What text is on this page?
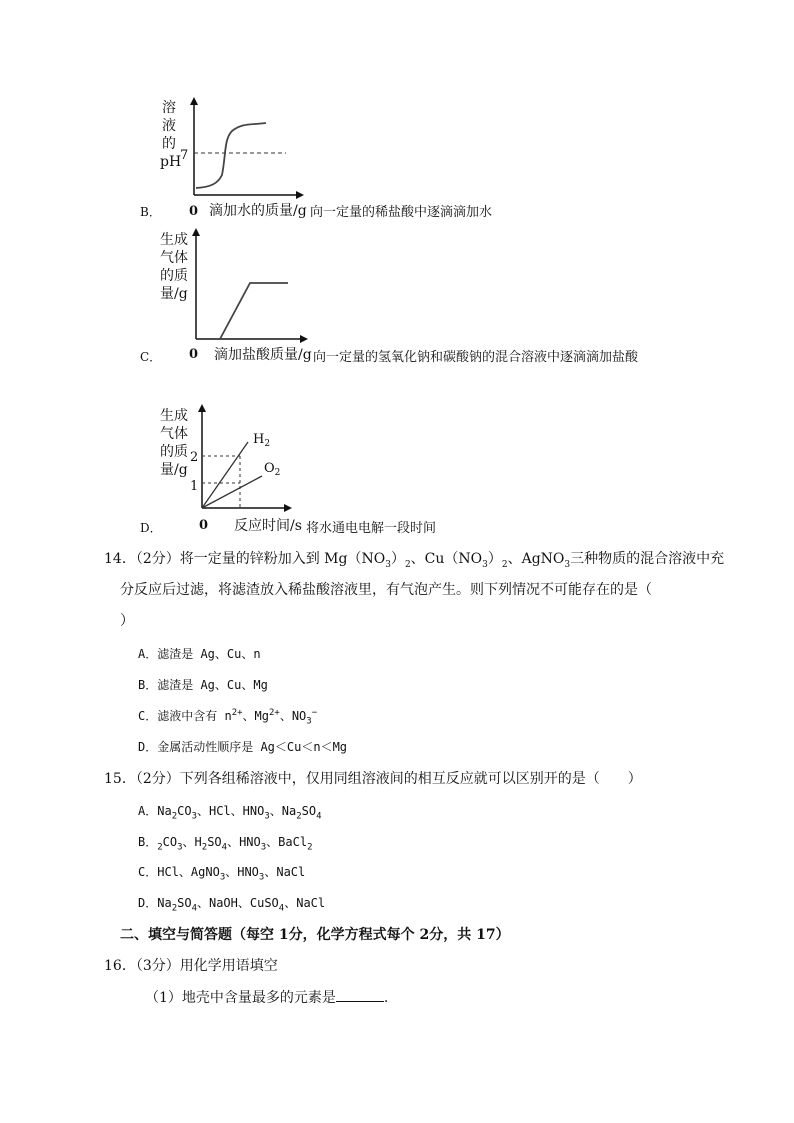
溶
液
的
pH
7
B． 0 滴加水的质量/g 向一定量的稀盐酸中逐滴滴加水
生成
气体
的质
量/g
C． 0 滴加盐酸质量/g 向一定量的氢氧化钠和碳酸钠的混合溶液中逐滴滴加盐酸
生成
气体
的质
量/g
2
1
$H_2$
$O_2$
D．	0 反应时间/s 将水通电电解一段时间
14．（2分）将一定量的锌粉加入到 $Mg(NO_3)_2$、$Cu(NO_3)_2$、AgNO$_3$三种物质的混合溶液中充
分反应后过滤，将滤渣放入稀盐酸溶液里，有气泡产生。则下列情况不可能存在的是（
）
A．滤渣是 Ag、Cu、n
B．滤渣是 Ag、Cu、Mg
C．滤液中含有 $n^{2+}$、$Mg^{2+}$、$NO_3^-$
D．金属活动性顺序是 Ag＜Cu＜n＜Mg
15．（2分）下列各组稀溶液中，仅用同组溶液间的相互反应就可以区别开的是（　　）
A．$Na_2CO_3$、HCl、$HNO_3$、$Na_2SO_4$
B．$_2CO_3$、$H_2SO_4$、$HNO_3$、BaCl$_2$
C．HCl、AgNO$_3$、$HNO_3$、NaCl
D．$Na_2SO_4$、NaOH、CuSO$_4$、NaCl
二、填空与简答题（每空 1分，化学方程式每个 2分，共 17）
16．（3分）用化学用语填空
（1）地壳中含量最多的元素是	.
